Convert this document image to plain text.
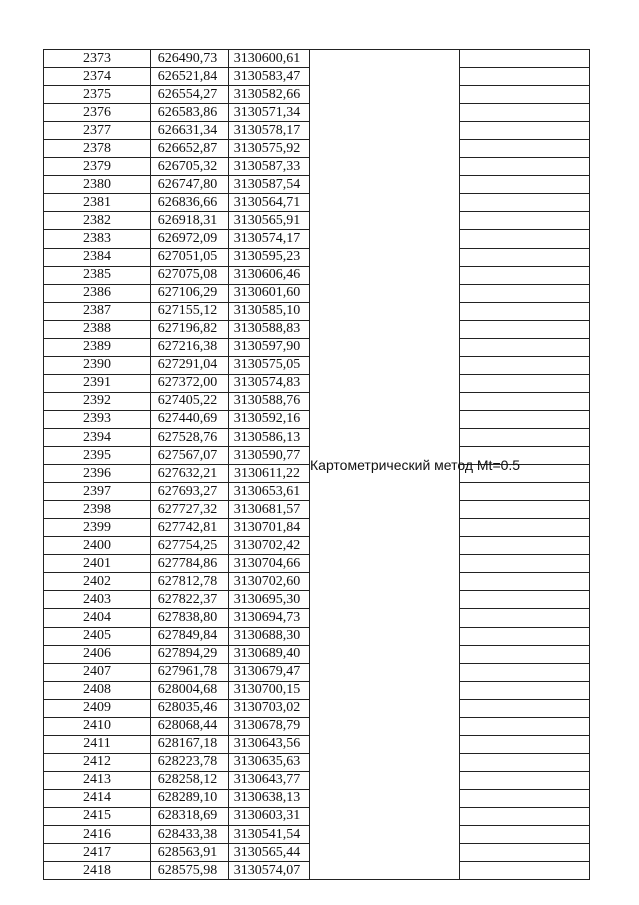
2373	626490,73	3130600,61	Картометрический метод Mt=0.5	
2374	626521,84	3130583,47		
2375	626554,27	3130582,66		
2376	626583,86	3130571,34		
2377	626631,34	3130578,17		
2378	626652,87	3130575,92		
2379	626705,32	3130587,33		
2380	626747,80	3130587,54		
2381	626836,66	3130564,71		
2382	626918,31	3130565,91		
2383	626972,09	3130574,17		
2384	627051,05	3130595,23		
2385	627075,08	3130606,46		
2386	627106,29	3130601,60		
2387	627155,12	3130585,10		
2388	627196,82	3130588,83		
2389	627216,38	3130597,90		
2390	627291,04	3130575,05		
2391	627372,00	3130574,83		
2392	627405,22	3130588,76		
2393	627440,69	3130592,16		
2394	627528,76	3130586,13		
2395	627567,07	3130590,77		
2396	627632,21	3130611,22		
2397	627693,27	3130653,61		
2398	627727,32	3130681,57		
2399	627742,81	3130701,84		
2400	627754,25	3130702,42		
2401	627784,86	3130704,66		
2402	627812,78	3130702,60		
2403	627822,37	3130695,30		
2404	627838,80	3130694,73		
2405	627849,84	3130688,30		
2406	627894,29	3130689,40		
2407	627961,78	3130679,47		
2408	628004,68	3130700,15		
2409	628035,46	3130703,02		
2410	628068,44	3130678,79		
2411	628167,18	3130643,56		
2412	628223,78	3130635,63		
2413	628258,12	3130643,77		
2414	628289,10	3130638,13		
2415	628318,69	3130603,31		
2416	628433,38	3130541,54		
2417	628563,91	3130565,44		
2418	628575,98	3130574,07		
